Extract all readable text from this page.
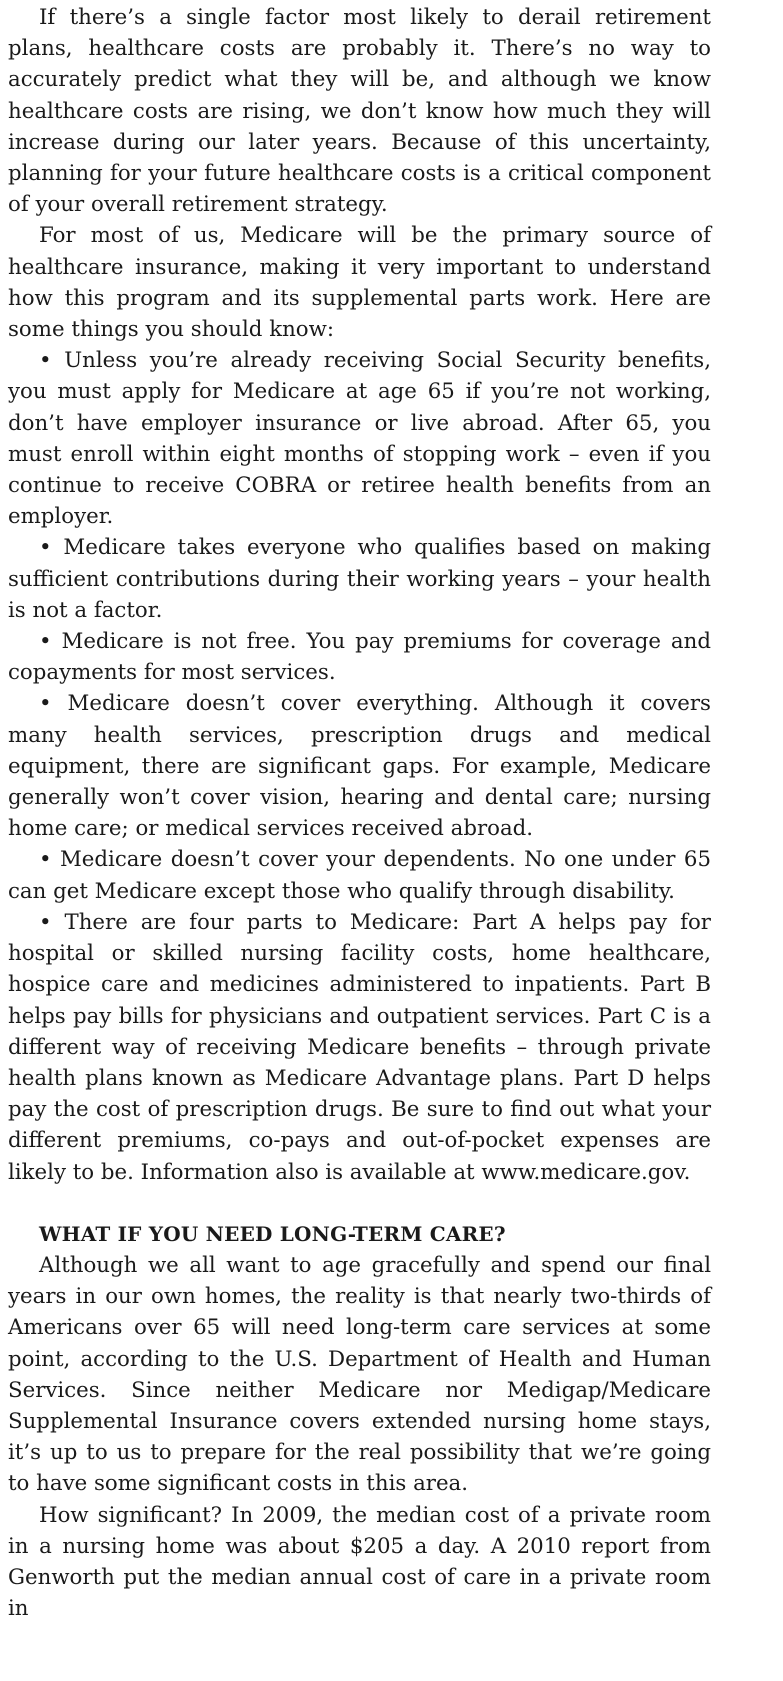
If there’s a single factor most likely to derail retirement plans, healthcare costs are probably it. There’s no way to accurately predict what they will be, and although we know healthcare costs are rising, we don’t know how much they will increase during our later years. Because of this uncertainty, planning for your future healthcare costs is a critical component of your overall retirement strategy.

For most of us, Medicare will be the primary source of healthcare insurance, making it very important to understand how this program and its supplemental parts work. Here are some things you should know:

• Unless you’re already receiving Social Security benefits, you must apply for Medicare at age 65 if you’re not working, don’t have employer insurance or live abroad. After 65, you must enroll within eight months of stopping work – even if you continue to receive COBRA or retiree health benefits from an employer.

• Medicare takes everyone who qualifies based on making sufficient contributions during their working years – your health is not a factor.

• Medicare is not free. You pay premiums for coverage and copayments for most services.

• Medicare doesn’t cover everything. Although it covers many health services, prescription drugs and medical equipment, there are significant gaps. For example, Medicare generally won’t cover vision, hearing and dental care; nursing home care; or medical services received abroad.

• Medicare doesn’t cover your dependents. No one under 65 can get Medicare except those who qualify through disability.

• There are four parts to Medicare: Part A helps pay for hospital or skilled nursing facility costs, home healthcare, hospice care and medicines administered to inpatients. Part B helps pay bills for physicians and outpatient services. Part C is a different way of receiving Medicare benefits – through private health plans known as Medicare Advantage plans. Part D helps pay the cost of prescription drugs. Be sure to find out what your different premiums, co-pays and out-of-pocket expenses are likely to be. Information also is available at www.medicare.gov.

WHAT IF YOU NEED LONG-TERM CARE?

Although we all want to age gracefully and spend our final years in our own homes, the reality is that nearly two-thirds of Americans over 65 will need long-term care services at some point, according to the U.S. Department of Health and Human Services. Since neither Medicare nor Medigap/Medicare Supplemental Insurance covers extended nursing home stays, it’s up to us to prepare for the real possibility that we’re going to have some significant costs in this area.

How significant? In 2009, the median cost of a private room in a nursing home was about $205 a day. A 2010 report from Genworth put the median annual cost of care in a private room in
